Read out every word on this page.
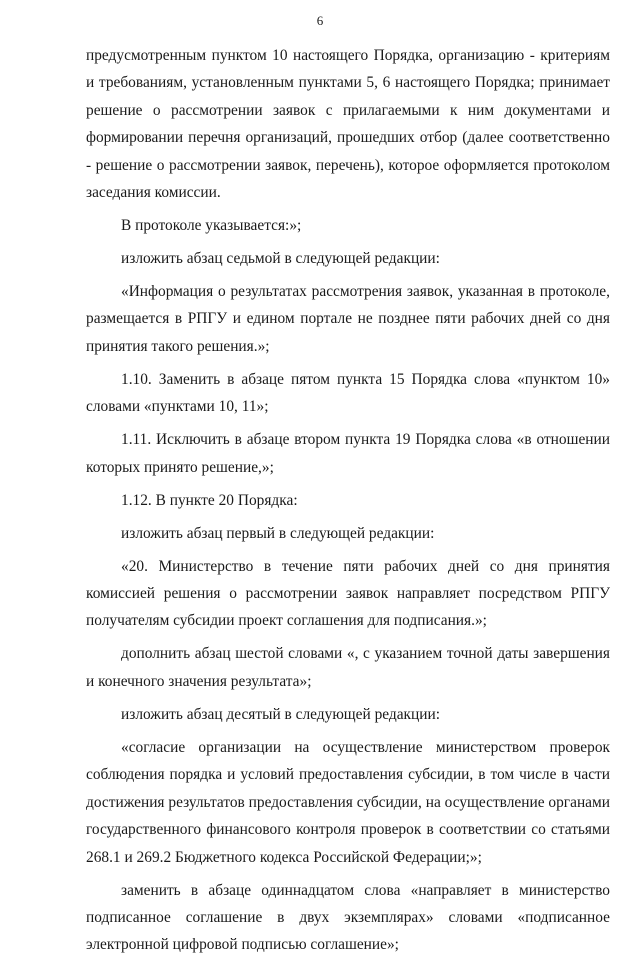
6

предусмотренным пунктом 10 настоящего Порядка, организацию - критериям и требованиям, установленным пунктами 5, 6 настоящего Порядка; принимает решение о рассмотрении заявок с прилагаемыми к ним документами и формировании перечня организаций, прошедших отбор (далее соответственно - решение о рассмотрении заявок, перечень), которое оформляется протоколом заседания комиссии.

В протоколе указывается:»;

изложить абзац седьмой в следующей редакции:

«Информация о результатах рассмотрения заявок, указанная в протоколе, размещается в РПГУ и едином портале не позднее пяти рабочих дней со дня принятия такого решения.»;

1.10. Заменить в абзаце пятом пункта 15 Порядка слова «пунктом 10» словами «пунктами 10, 11»;

1.11. Исключить в абзаце втором пункта 19 Порядка слова «в отношении которых принято решение,»;

1.12. В пункте 20 Порядка:

изложить абзац первый в следующей редакции:

«20. Министерство в течение пяти рабочих дней со дня принятия комиссией решения о рассмотрении заявок направляет посредством РПГУ получателям субсидии проект соглашения для подписания.»;

дополнить абзац шестой словами «, с указанием точной даты завершения и конечного значения результата»;

изложить абзац десятый в следующей редакции:

«согласие организации на осуществление министерством проверок соблюдения порядка и условий предоставления субсидии, в том числе в части достижения результатов предоставления субсидии, на осуществление органами государственного финансового контроля проверок в соответствии со статьями 268.1 и 269.2 Бюджетного кодекса Российской Федерации;»;

заменить в абзаце одиннадцатом слова «направляет в министерство подписанное соглашение в двух экземплярах» словами «подписанное электронной цифровой подписью соглашение»;
